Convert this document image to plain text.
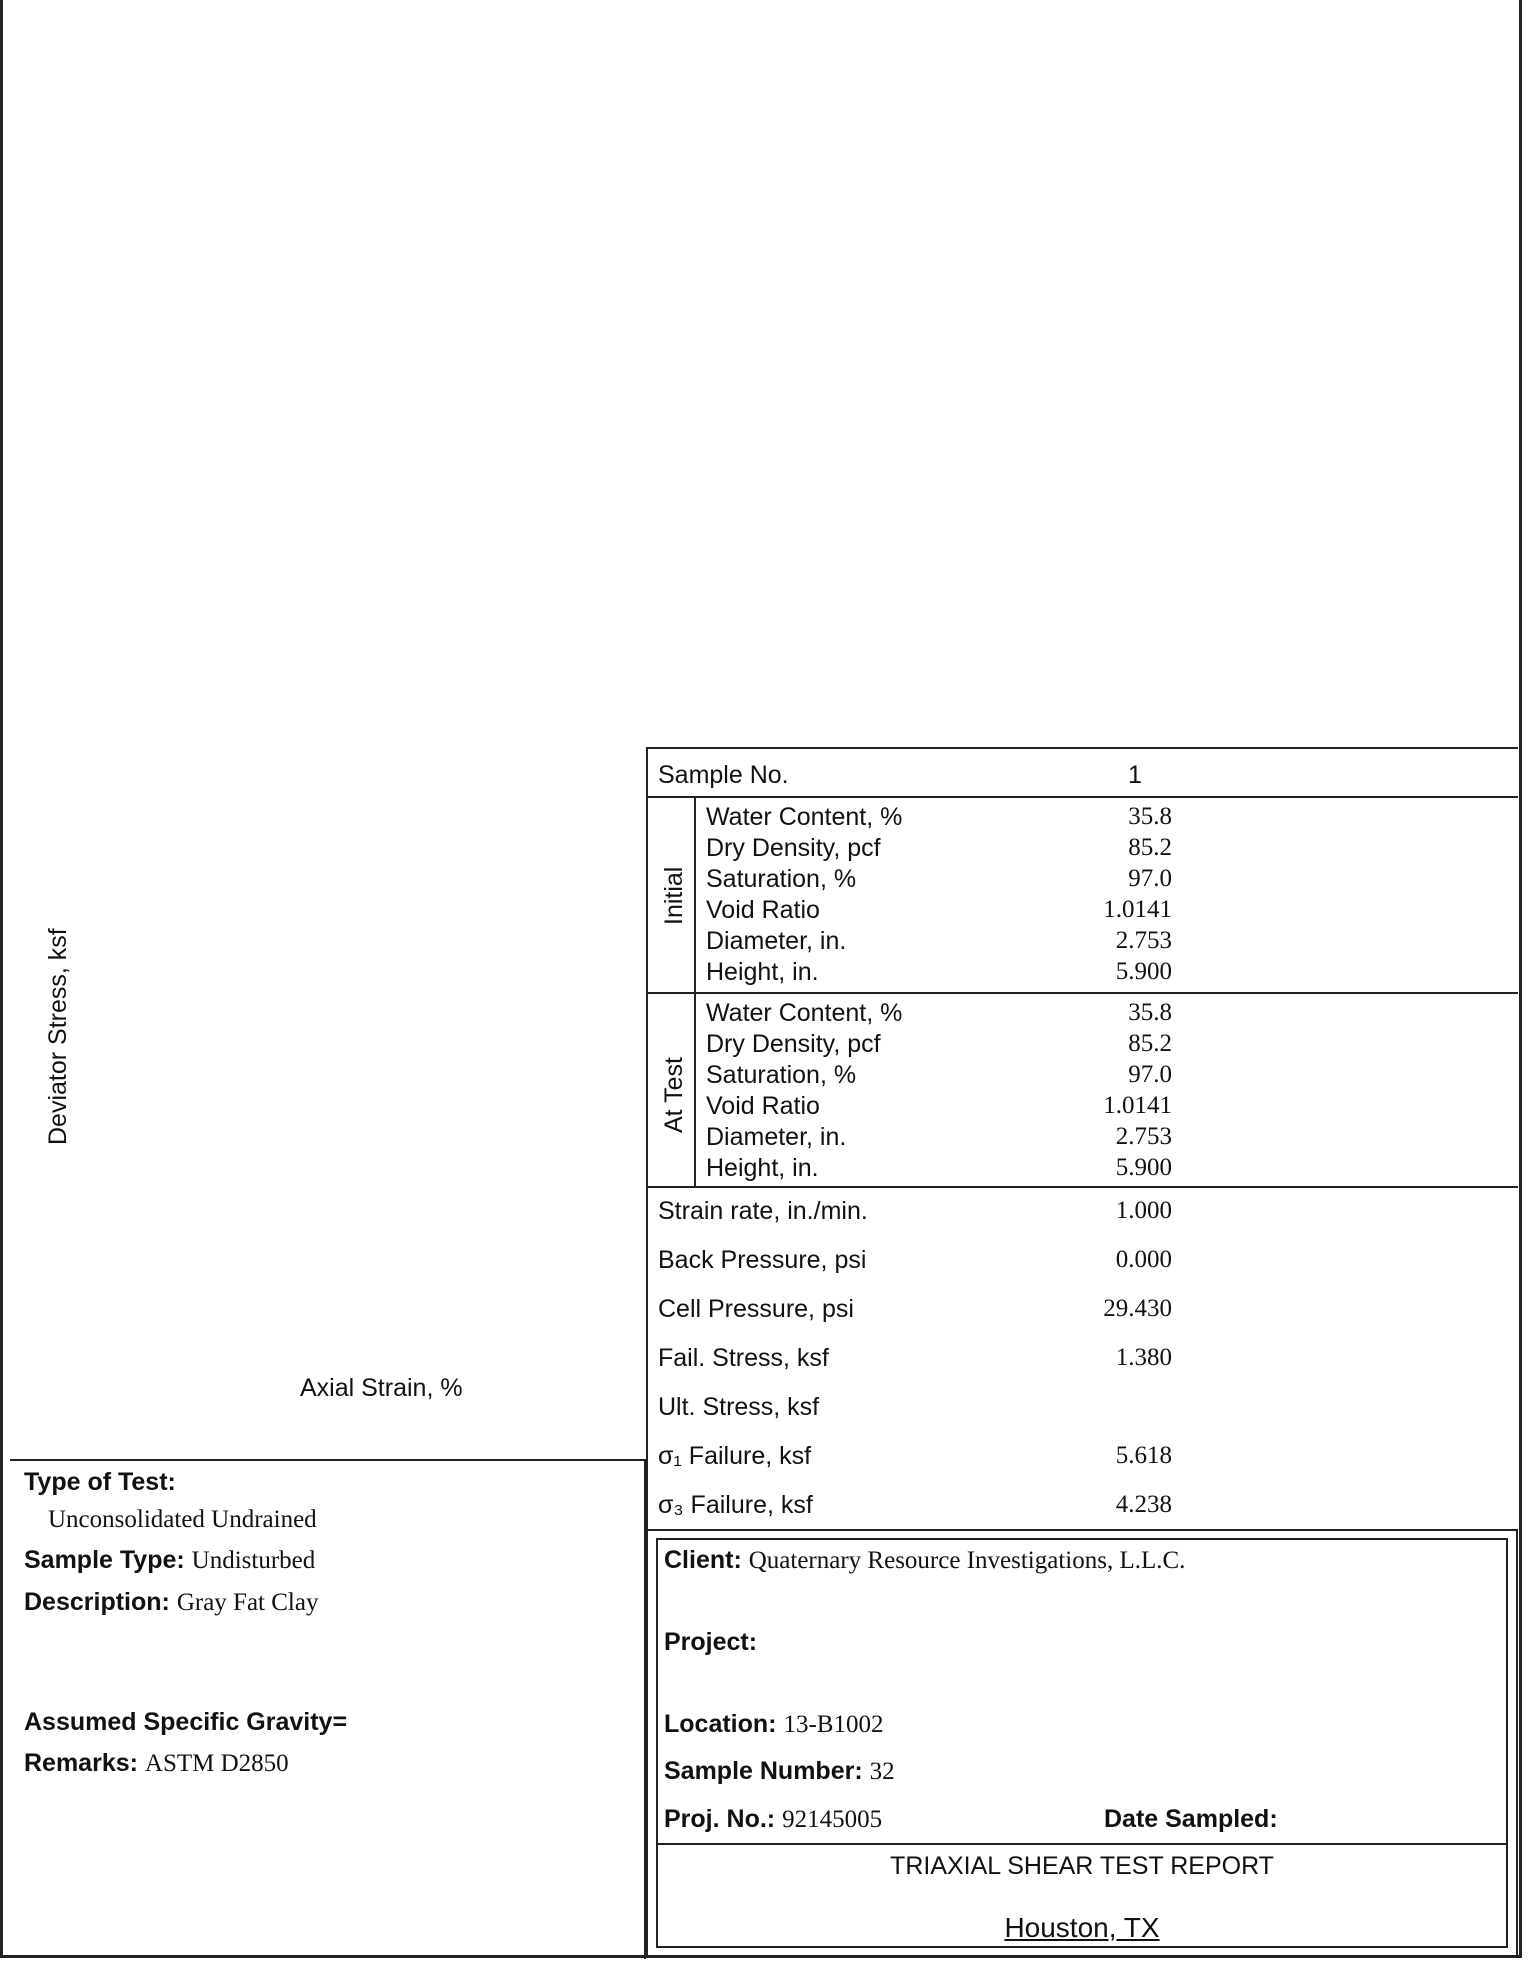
Deviator Stress, ksf
Axial Strain, %
Sample No.	1
Initial
Water Content, %	35.8
Dry Density, pcf	85.2
Saturation, %	97.0
Void Ratio	1.0141
Diameter, in.	2.753
Height, in.	5.900
At Test
Water Content, %	35.8
Dry Density, pcf	85.2
Saturation, %	97.0
Void Ratio	1.0141
Diameter, in.	2.753
Height, in.	5.900
Strain rate, in./min.	1.000
Back Pressure, psi	0.000
Cell Pressure, psi	29.430
Fail. Stress, ksf	1.380
Ult. Stress, ksf
σ₁ Failure, ksf	5.618
σ₃ Failure, ksf	4.238
Type of Test:
Unconsolidated Undrained
Sample Type: Undisturbed
Description: Gray Fat Clay
Assumed Specific Gravity=
Remarks: ASTM D2850
Client: Quaternary Resource Investigations, L.L.C.
Project:
Location: 13-B1002
Sample Number: 32
Proj. No.: 92145005	Date Sampled:
TRIAXIAL SHEAR TEST REPORT
Houston, TX
